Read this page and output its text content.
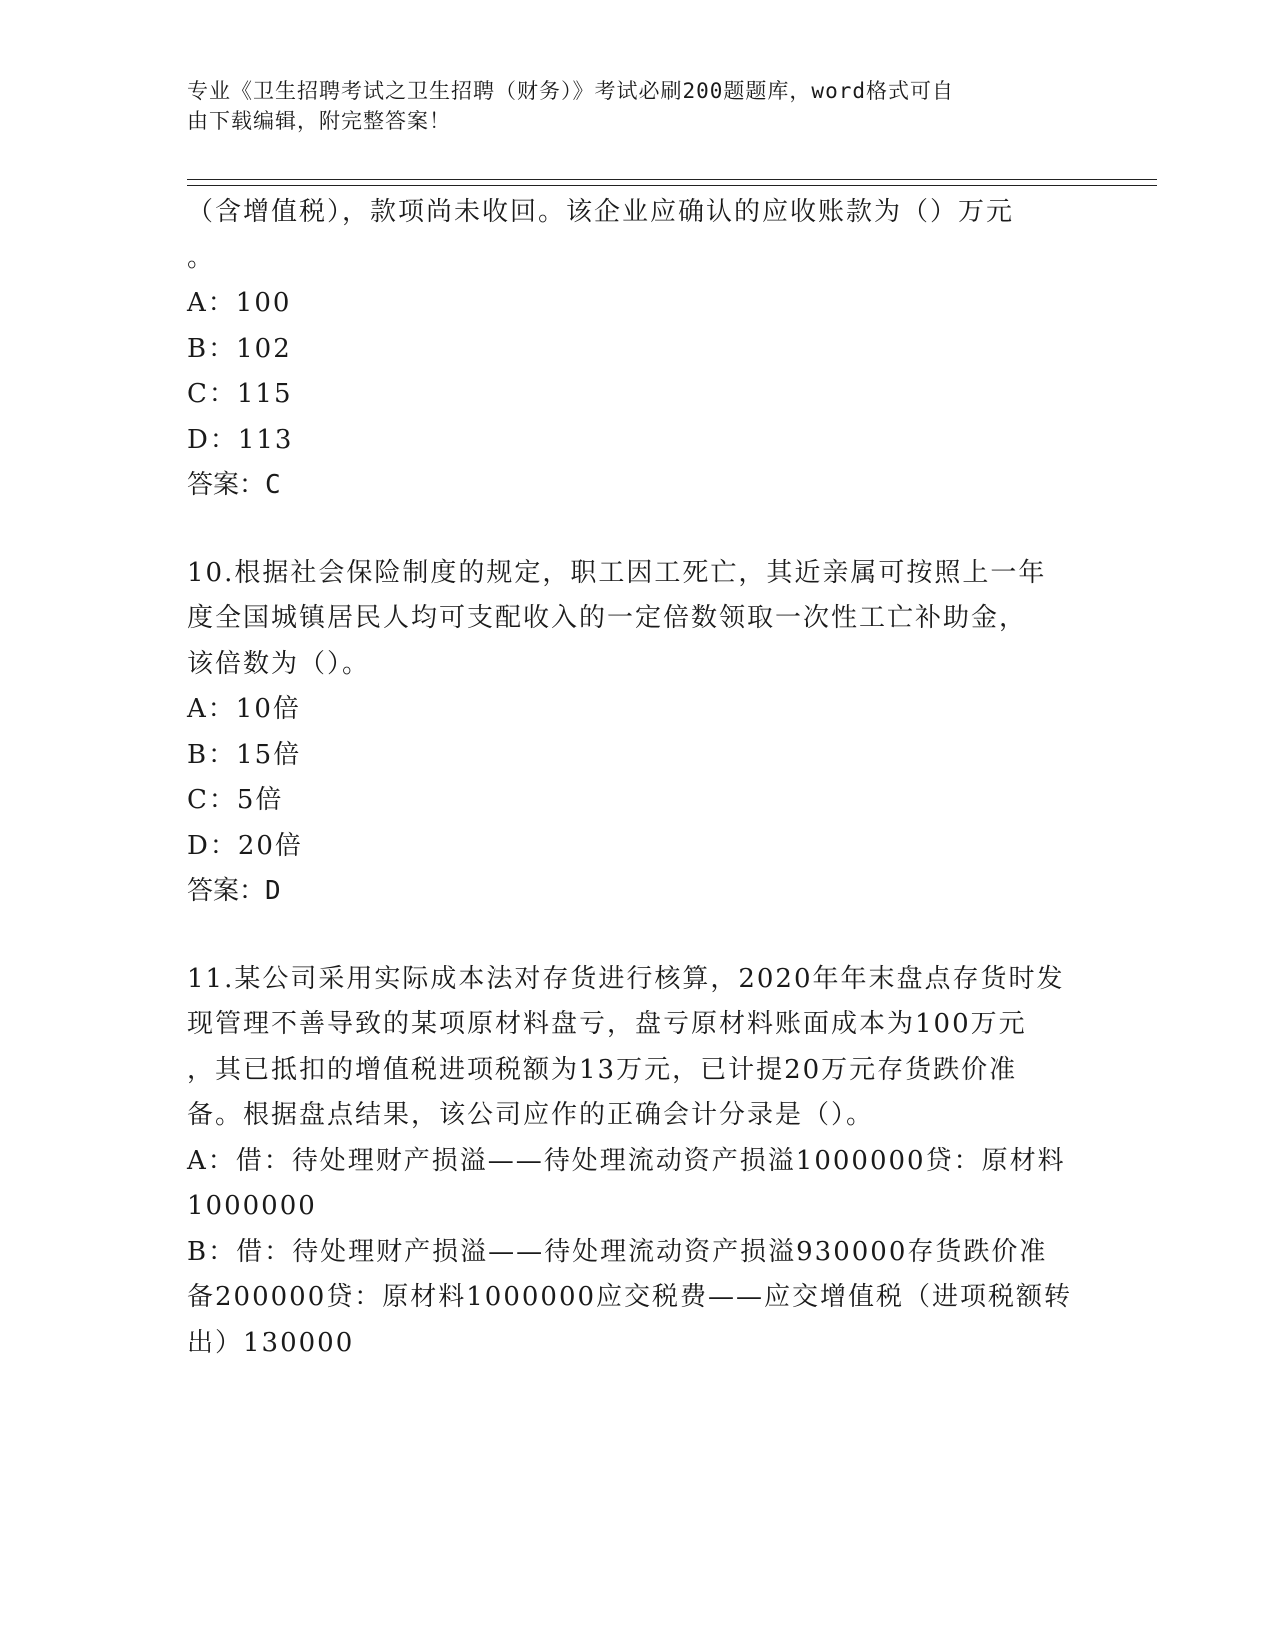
专业《卫生招聘考试之卫生招聘（财务）》考试必刷200题题库，word格式可自
由下载编辑，附完整答案！
（含增值税），款项尚未收回。该企业应确认的应收账款为（）万元
。
A：100
B：102
C：115
D：113
答案：C
10.根据社会保险制度的规定，职工因工死亡，其近亲属可按照上一年
度全国城镇居民人均可支配收入的一定倍数领取一次性工亡补助金，
该倍数为（）。
A：10倍
B：15倍
C：5倍
D：20倍
答案：D
11.某公司采用实际成本法对存货进行核算，2020年年末盘点存货时发
现管理不善导致的某项原材料盘亏，盘亏原材料账面成本为100万元
，其已抵扣的增值税进项税额为13万元，已计提20万元存货跌价准
备。根据盘点结果，该公司应作的正确会计分录是（）。
A：借：待处理财产损溢——待处理流动资产损溢1000000贷：原材料
1000000
B：借：待处理财产损溢——待处理流动资产损溢930000存货跌价准
备200000贷：原材料1000000应交税费——应交增值税（进项税额转
出）130000
